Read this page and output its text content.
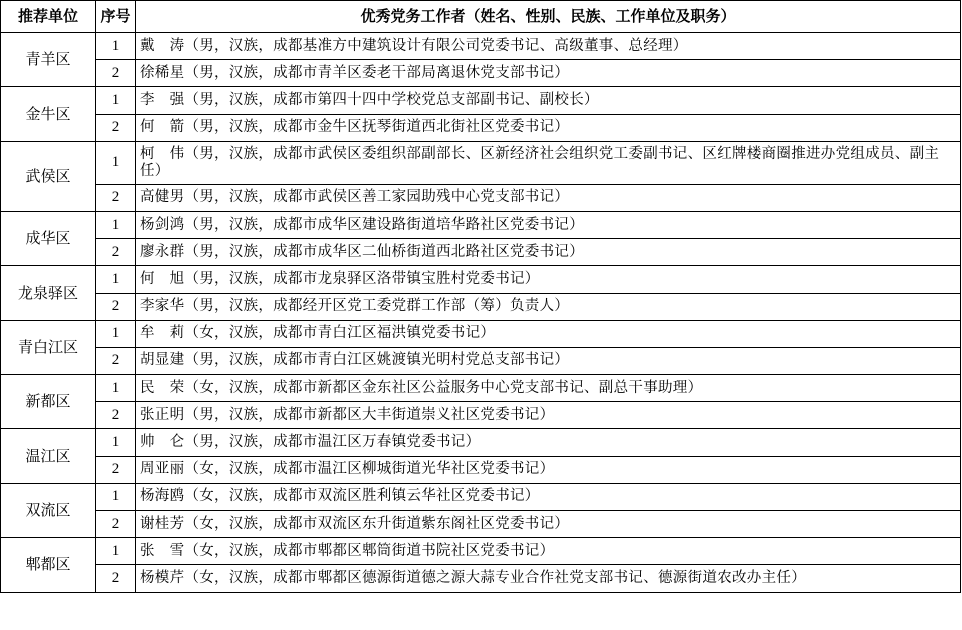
推荐单位	序号	优秀党务工作者（姓名、性别、民族、工作单位及职务）
青羊区	1	戴　涛（男，汉族，成都基准方中建筑设计有限公司党委书记、高级董事、总经理）
	2	徐稀星（男，汉族，成都市青羊区委老干部局离退休党支部书记）
金牛区	1	李　强（男，汉族，成都市第四十四中学校党总支部副书记、副校长）
	2	何　箭（男，汉族，成都市金牛区抚琴街道西北街社区党委书记）
武侯区	1	柯　伟（男，汉族，成都市武侯区委组织部副部长、区新经济社会组织党工委副书记、区红牌楼商圈推进办党组成员、副主任）
	2	高健男（男，汉族，成都市武侯区善工家园助残中心党支部书记）
成华区	1	杨剑鸿（男，汉族，成都市成华区建设路街道培华路社区党委书记）
	2	廖永群（男，汉族，成都市成华区二仙桥街道西北路社区党委书记）
龙泉驿区	1	何　旭（男，汉族，成都市龙泉驿区洛带镇宝胜村党委书记）
	2	李家华（男，汉族，成都经开区党工委党群工作部（筹）负责人）
青白江区	1	牟　莉（女，汉族，成都市青白江区福洪镇党委书记）
	2	胡显建（男，汉族，成都市青白江区姚渡镇光明村党总支部书记）
新都区	1	民　荣（女，汉族，成都市新都区金东社区公益服务中心党支部书记、副总干事助理）
	2	张正明（男，汉族，成都市新都区大丰街道崇义社区党委书记）
温江区	1	帅　仑（男，汉族，成都市温江区万春镇党委书记）
	2	周亚丽（女，汉族，成都市温江区柳城街道光华社区党委书记）
双流区	1	杨海鸥（女，汉族，成都市双流区胜利镇云华社区党委书记）
	2	谢桂芳（女，汉族，成都市双流区东升街道紫东阁社区党委书记）
郫都区	1	张　雪（女，汉族，成都市郫都区郫筒街道书院社区党委书记）
	2	杨模芹（女，汉族，成都市郫都区德源街道德之源大蒜专业合作社党支部书记、德源街道农改办主任）
